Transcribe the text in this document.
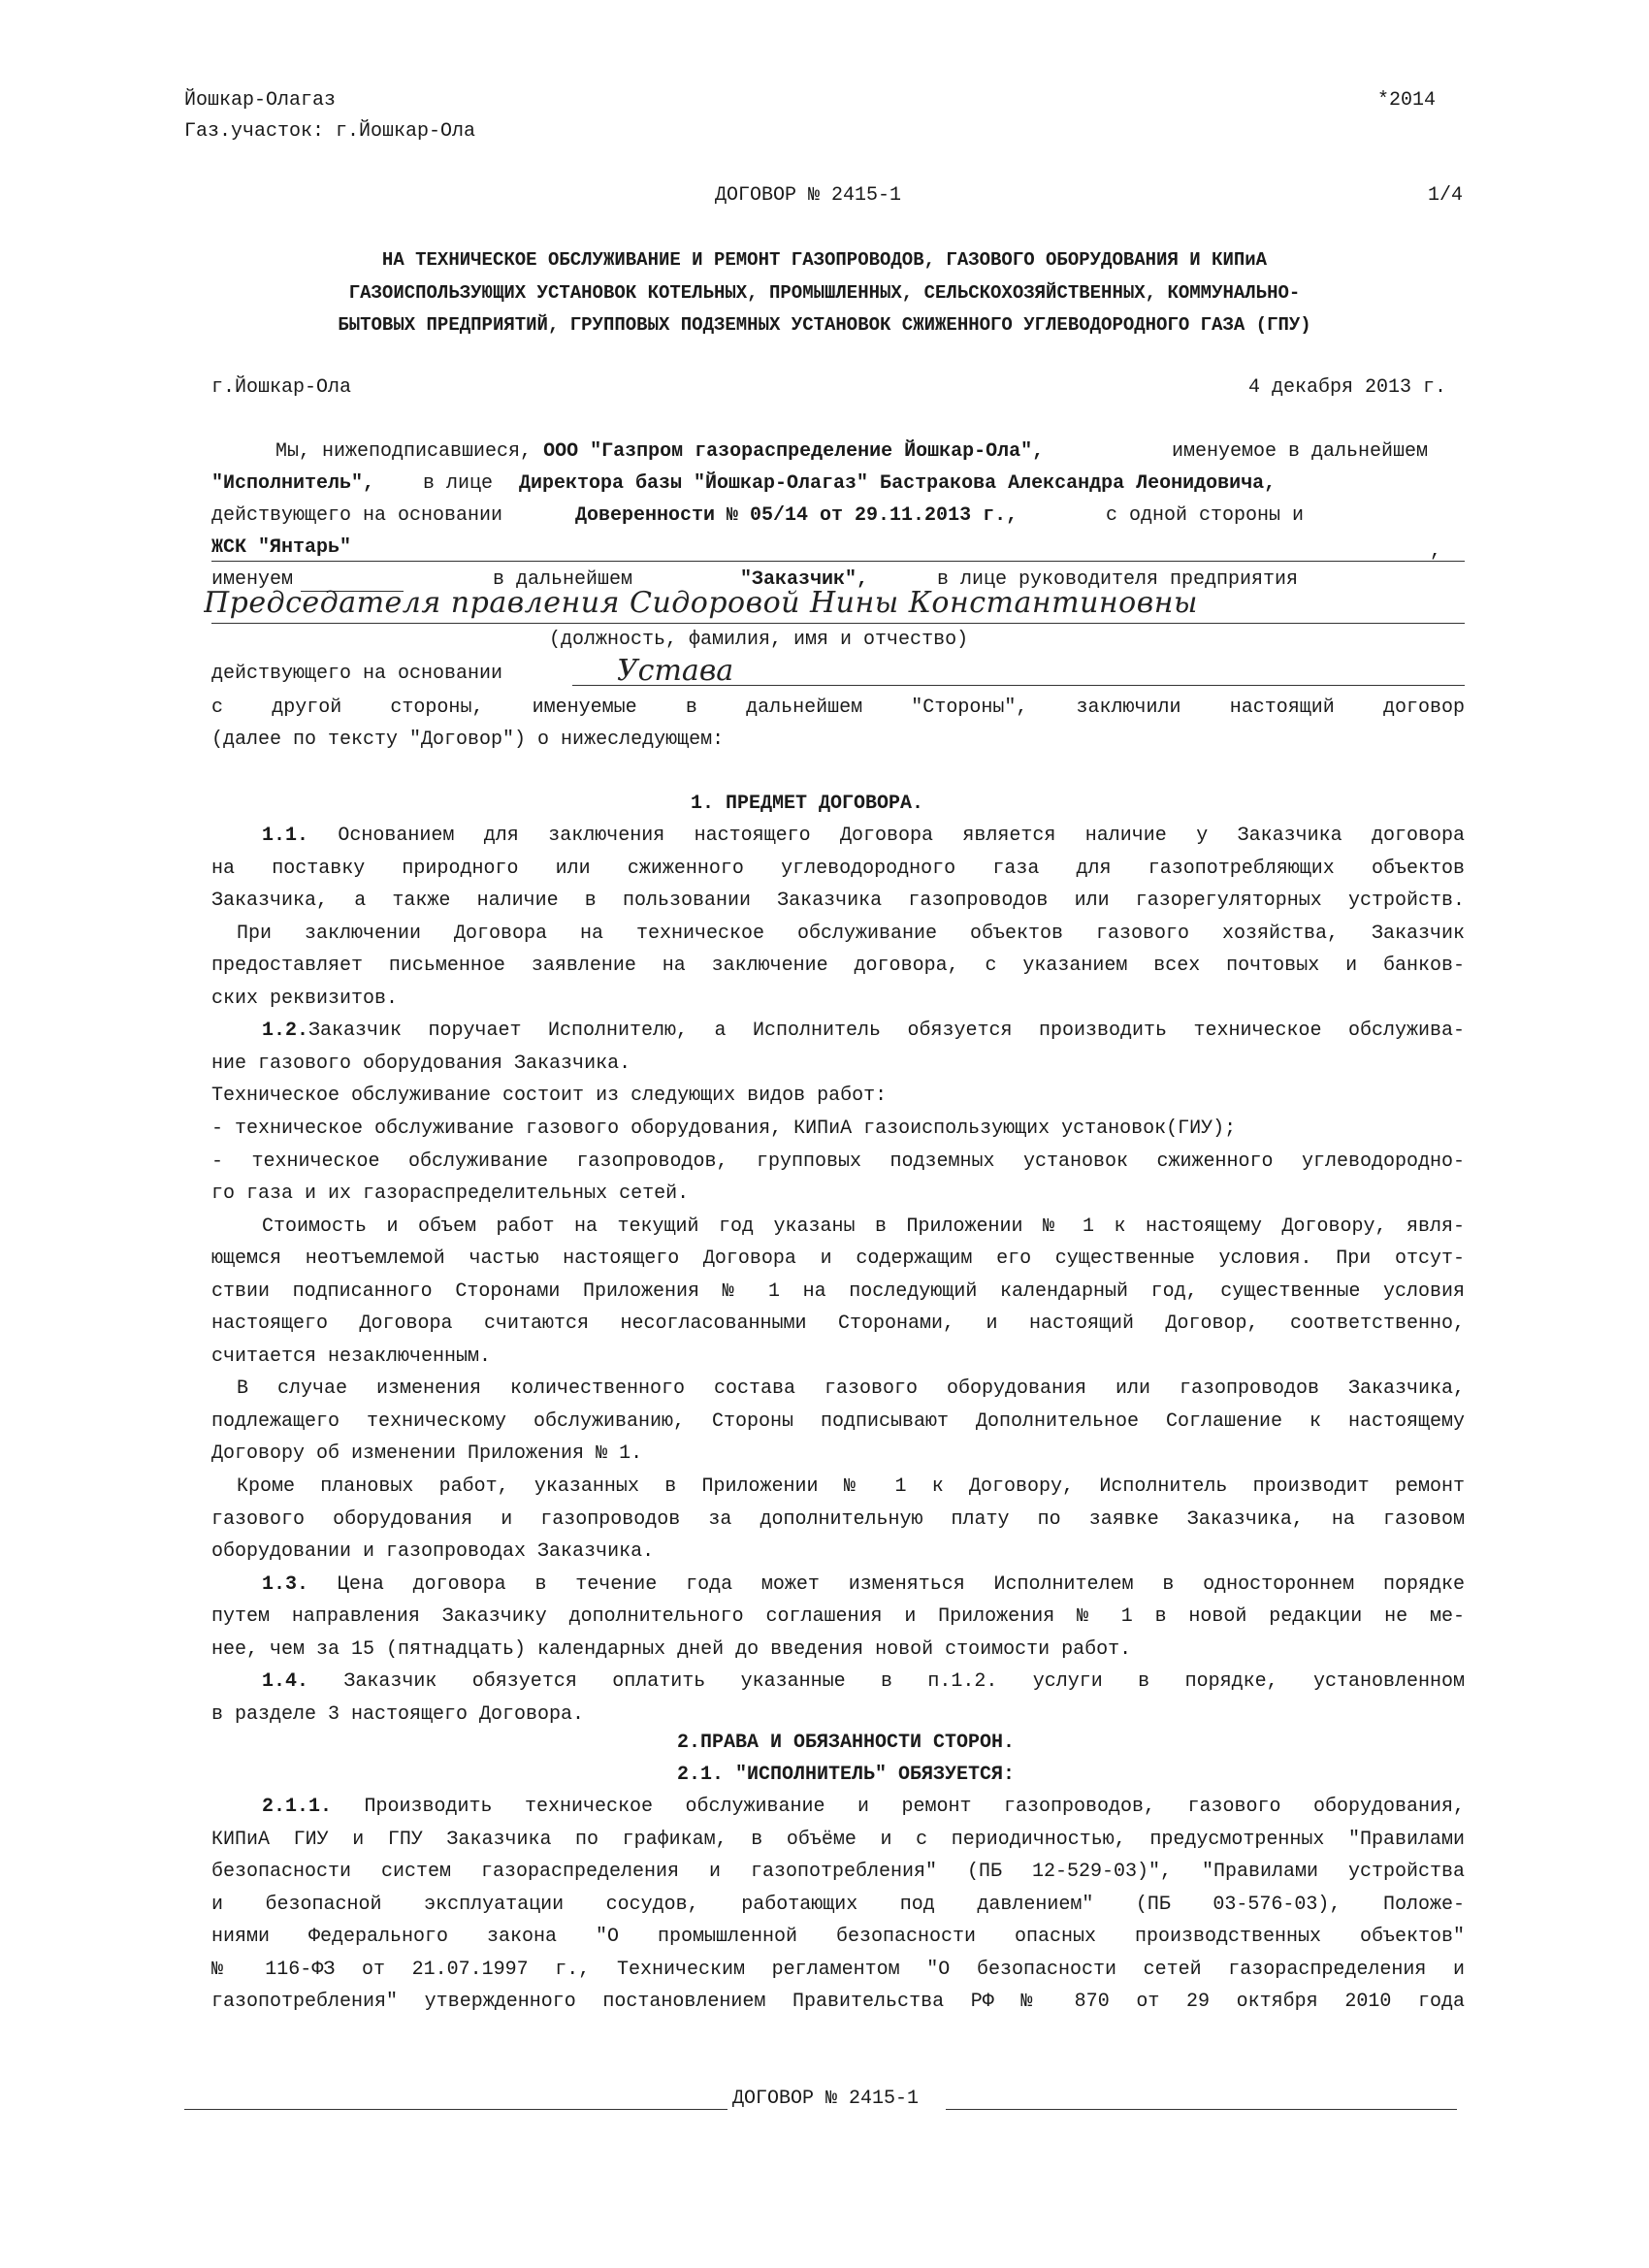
Йошкар-Олагаз
Газ.участок: г.Йошкар-Ола
*2014
ДОГОВОР № 2415-1	1/4
НА ТЕХНИЧЕСКОЕ ОБСЛУЖИВАНИЕ И РЕМОНТ ГАЗОПРОВОДОВ, ГАЗОВОГО ОБОРУДОВАНИЯ И КИПиА
ГАЗОИСПОЛЬЗУЮЩИХ УСТАНОВОК КОТЕЛЬНЫХ, ПРОМЫШЛЕННЫХ, СЕЛЬСКОХОЗЯЙСТВЕННЫХ, КОММУНАЛЬНО-
БЫТОВЫХ ПРЕДПРИЯТИЙ, ГРУППОВЫХ ПОДЗЕМНЫХ УСТАНОВОК СЖИЖЕННОГО УГЛЕВОДОРОДНОГО ГАЗА (ГПУ)
г.Йошкар-Ола	4 декабря 2013 г.
Мы, нижеподписавшиеся, ООО "Газпром газораспределение Йошкар-Ола",	именуемое в дальнейшем
"Исполнитель", в лице Директора базы "Йошкар-Олагаз" Бастракова Александра Леонидовича,
действующего на основании	Доверенности № 05/14 от 29.11.2013 г.,	с одной стороны и
ЖСК "Янтарь"	,
именуем	в дальнейшем	"Заказчик",	в лице руководителя предприятия
Председателя правления Сидоровой Нины Константиновны
(должность, фамилия, имя и отчество)
действующего на основании	Устава
с другой стороны, именуемые в дальнейшем "Стороны", заключили настоящий договор
(далее по тексту "Договор") о нижеследующем:
1. ПРЕДМЕТ ДОГОВОРА.
1.1. Основанием для заключения настоящего Договора является наличие у Заказчика договора
на поставку природного или сжиженного углеводородного газа для газопотребляющих объектов
Заказчика, а также наличие в пользовании Заказчика газопроводов или газорегуляторных устройств.
При заключении Договора на техническое обслуживание объектов газового хозяйства, Заказчик
предоставляет письменное заявление на заключение договора, с указанием всех почтовых и банков-
ских реквизитов.
1.2.Заказчик поручает Исполнителю, а Исполнитель обязуется производить техническое обслужива-
ние газового оборудования Заказчика.
Техническое обслуживание состоит из следующих видов работ:
- техническое обслуживание газового оборудования, КИПиА газоиспользующих установок(ГИУ);
- техническое обслуживание газопроводов, групповых подземных установок сжиженного углеводородно-
го газа и их газораспределительных сетей.
Стоимость и объем работ на текущий год указаны в Приложении № 1 к настоящему Договору, явля-
ющемся неотъемлемой частью настоящего Договора и содержащим его существенные условия. При отсут-
ствии подписанного Сторонами Приложения № 1 на последующий календарный год, существенные условия
настоящего Договора считаются несогласованными Сторонами, и настоящий Договор, соответственно,
считается незаключенным.
В случае изменения количественного состава газового оборудования или газопроводов Заказчика,
подлежащего техническому обслуживанию, Стороны подписывают Дополнительное Соглашение к настоящему
Договору об изменении Приложения № 1.
Кроме плановых работ, указанных в Приложении № 1 к Договору, Исполнитель производит ремонт
газового оборудования и газопроводов за дополнительную плату по заявке Заказчика, на газовом
оборудовании и газопроводах Заказчика.
1.3. Цена договора в течение года может изменяться Исполнителем в одностороннем порядке
путем направления Заказчику дополнительного соглашения и Приложения № 1 в новой редакции не ме-
нее, чем за 15 (пятнадцать) календарных дней до введения новой стоимости работ.
1.4. Заказчик обязуется оплатить указанные в п.1.2. услуги в порядке, установленном
в разделе 3 настоящего Договора.
2.ПРАВА И ОБЯЗАННОСТИ СТОРОН.
2.1. "ИСПОЛНИТЕЛЬ" ОБЯЗУЕТСЯ:
2.1.1. Производить техническое обслуживание и ремонт газопроводов, газового оборудования,
КИПиА ГИУ и ГПУ Заказчика по графикам, в объёме и с периодичностью, предусмотренных "Правилами
безопасности систем газораспределения и газопотребления" (ПБ 12-529-03)", "Правилами устройства
и безопасной эксплуатации сосудов, работающих под давлением" (ПБ 03-576-03), Положе-
ниями Федерального закона "О промышленной безопасности опасных производственных объектов"
№ 116-ФЗ от 21.07.1997 г., Техническим регламентом "О безопасности сетей газораспределения и
газопотребления" утвержденного постановлением Правительства РФ № 870 от 29 октября 2010 года
ДОГОВОР № 2415-1
